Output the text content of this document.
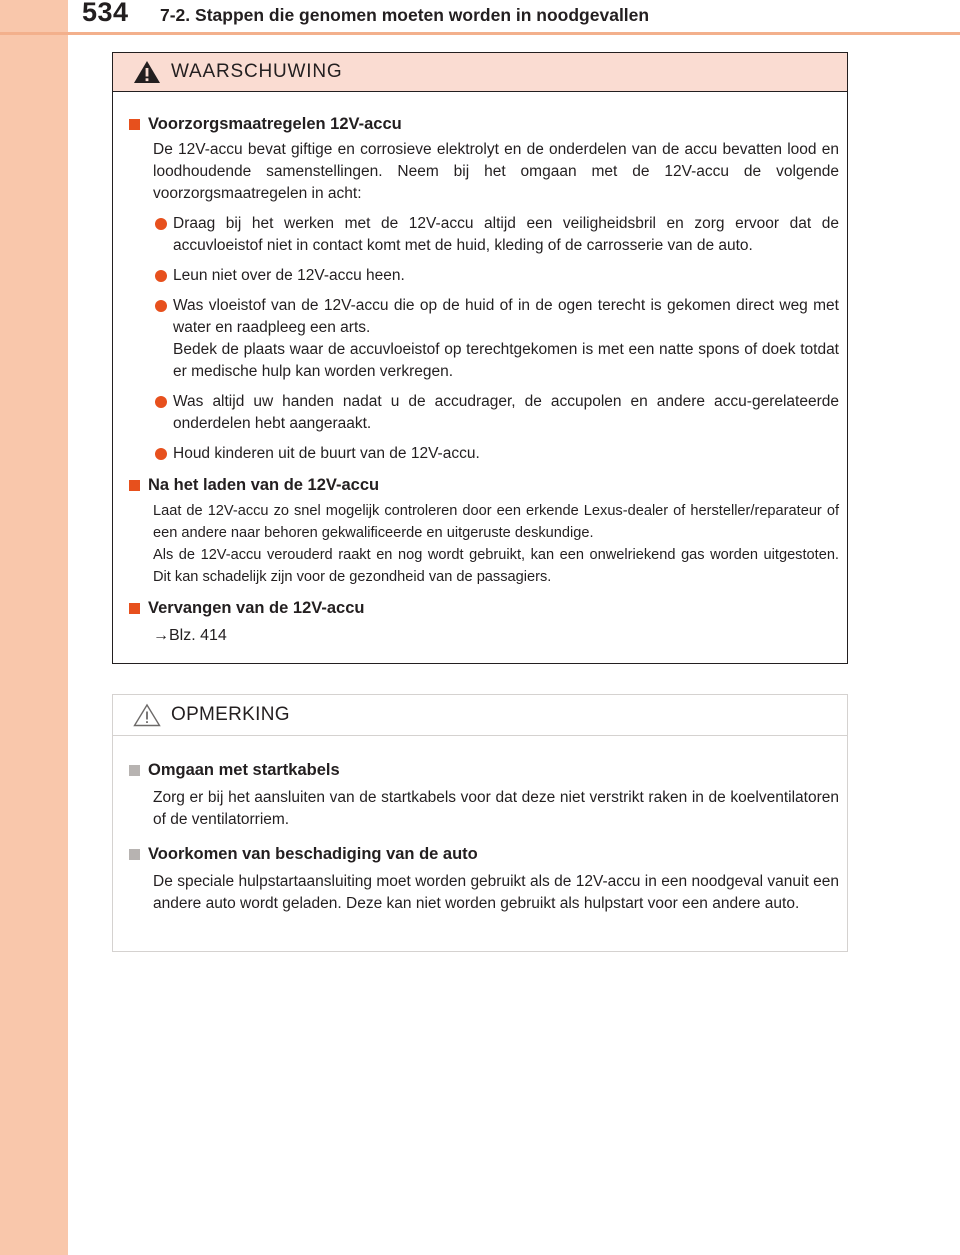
534 7-2. Stappen die genomen moeten worden in noodgevallen
WAARSCHUWING
Voorzorgsmaatregelen 12V-accu
De 12V-accu bevat giftige en corrosieve elektrolyt en de onderdelen van de accu bevatten lood en loodhoudende samenstellingen. Neem bij het omgaan met de 12V-accu de volgende voorzorgsmaatregelen in acht:
Draag bij het werken met de 12V-accu altijd een veiligheidsbril en zorg ervoor dat de accuvloeistof niet in contact komt met de huid, kleding of de carrosserie van de auto.
Leun niet over de 12V-accu heen.
Was vloeistof van de 12V-accu die op de huid of in de ogen terecht is gekomen direct weg met water en raadpleeg een arts.
Bedek de plaats waar de accuvloeistof op terechtgekomen is met een natte spons of doek totdat er medische hulp kan worden verkregen.
Was altijd uw handen nadat u de accudrager, de accupolen en andere accu-gerelateerde onderdelen hebt aangeraakt.
Houd kinderen uit de buurt van de 12V-accu.
Na het laden van de 12V-accu
Laat de 12V-accu zo snel mogelijk controleren door een erkende Lexus-dealer of hersteller/reparateur of een andere naar behoren gekwalificeerde en uitgeruste deskundige.
Als de 12V-accu verouderd raakt en nog wordt gebruikt, kan een onwelriekend gas worden uitgestoten. Dit kan schadelijk zijn voor de gezondheid van de passagiers.
Vervangen van de 12V-accu
→Blz. 414
OPMERKING
Omgaan met startkabels
Zorg er bij het aansluiten van de startkabels voor dat deze niet verstrikt raken in de koelventilatoren of de ventilatorriem.
Voorkomen van beschadiging van de auto
De speciale hulpstartaansluiting moet worden gebruikt als de 12V-accu in een noodgeval vanuit een andere auto wordt geladen. Deze kan niet worden gebruikt als hulpstart voor een andere auto.
